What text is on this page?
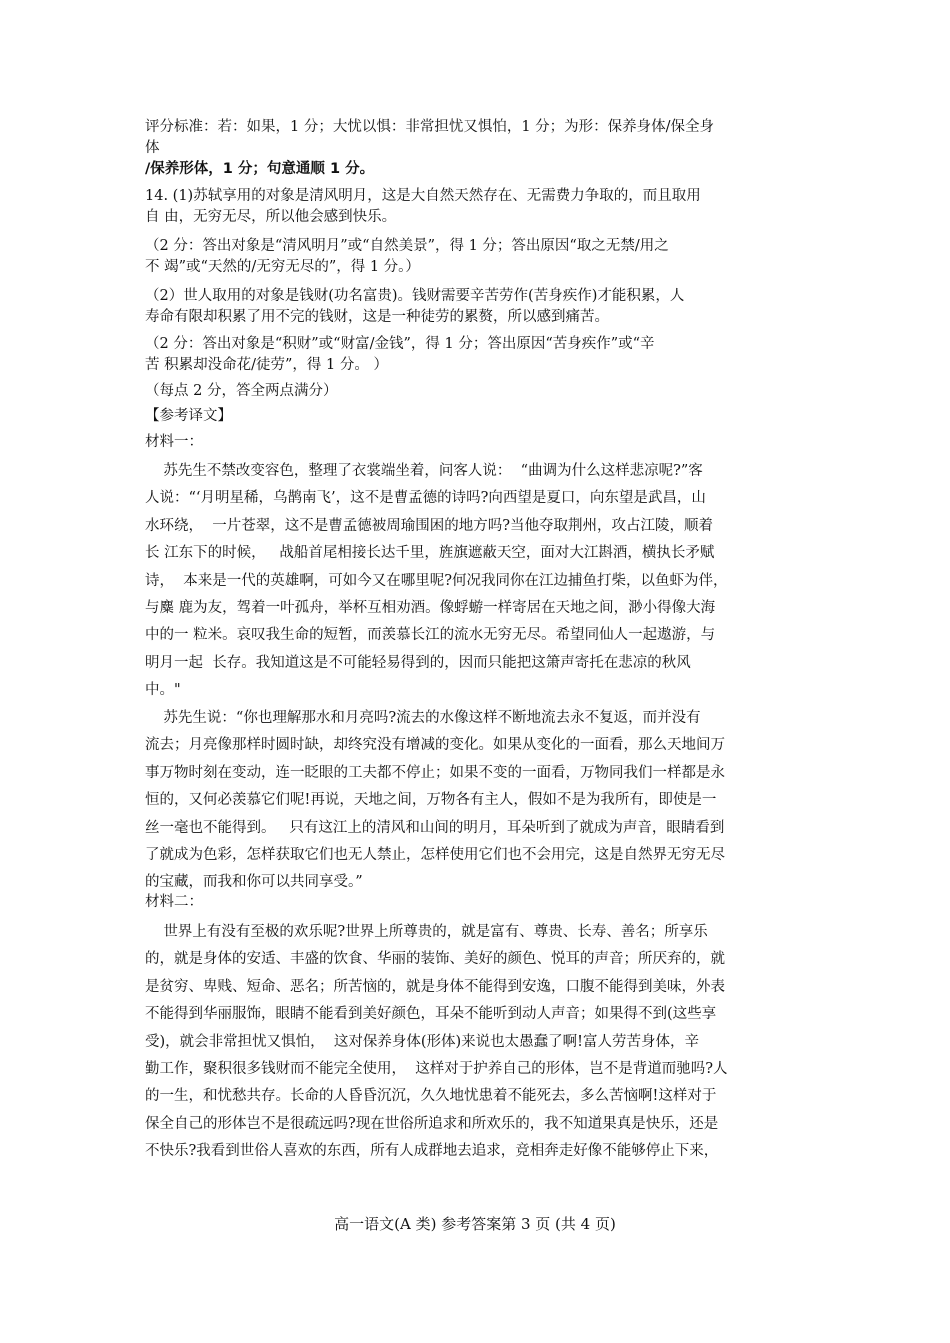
评分标准：若：如果，1 分；大忧以惧：非常担忧又惧怕，1 分；为形：保养身体/保全身
体
/保养形体，1 分；句意通顺 1 分。
14. (1)苏轼享用的对象是清风明月，这是大自然天然存在、无需费力争取的，而且取用
自 由，无穷无尽，所以他会感到快乐。
（2 分：答出对象是“清风明月”或“自然美景”，得 1 分；答出原因“取之无禁/用之
不 竭”或“天然的/无穷无尽的”，得 1 分。）
（2）世人取用的对象是钱财(功名富贵)。钱财需要辛苦劳作(苦身疾作)才能积累，人
寿命有限却积累了用不完的钱财，这是一种徒劳的累赘，所以感到痛苦。
（2 分：答出对象是“积财”或“财富/金钱”，得 1 分；答出原因“苦身疾作”或“辛
苦 积累却没命花/徒劳”，得 1 分。 ）
（每点 2 分，答全两点满分）
【参考译文】
材料一：
苏先生不禁改变容色，整理了衣裳端坐着，问客人说：  “曲调为什么这样悲凉呢?”客
人说：“‘月明星稀，乌鹊南飞’，这不是曹孟德的诗吗?向西望是夏口，向东望是武昌，山
水环绕，  一片苍翠，这不是曹孟德被周瑜围困的地方吗?当他夺取荆州，攻占江陵，顺着
长 江东下的时候，   战船首尾相接长达千里，旌旗遮蔽天空，面对大江斟酒，横执长矛赋
诗，  本来是一代的英雄啊，可如今又在哪里呢?何况我同你在江边捕鱼打柴，以鱼虾为伴，
与麋 鹿为友，驾着一叶孤舟，举杯互相劝酒。像蜉蝣一样寄居在天地之间，渺小得像大海
中的一 粒米。哀叹我生命的短暂，而羡慕长江的流水无穷无尽。希望同仙人一起遨游，与
明月一起  长存。我知道这是不可能轻易得到的，因而只能把这箫声寄托在悲凉的秋风
中。"
苏先生说：“你也理解那水和月亮吗?流去的水像这样不断地流去永不复返，而并没有
流去；月亮像那样时圆时缺，却终究没有增减的变化。如果从变化的一面看，那么天地间万
事万物时刻在变动，连一眨眼的工夫都不停止；如果不变的一面看，万物同我们一样都是永
恒的，又何必羡慕它们呢!再说，天地之间，万物各有主人，假如不是为我所有，即使是一
丝一毫也不能得到。   只有这江上的清风和山间的明月，耳朵听到了就成为声音，眼睛看到
了就成为色彩，怎样获取它们也无人禁止，怎样使用它们也不会用完，这是自然界无穷无尽
的宝藏，而我和你可以共同享受。”
材料二：
世界上有没有至极的欢乐呢?世界上所尊贵的，就是富有、尊贵、长寿、善名；所享乐
的，就是身体的安适、丰盛的饮食、华丽的装饰、美好的颜色、悦耳的声音；所厌弃的，就
是贫穷、卑贱、短命、恶名；所苦恼的，就是身体不能得到安逸，口腹不能得到美味，外表
不能得到华丽服饰，眼睛不能看到美好颜色，耳朵不能听到动人声音；如果得不到(这些享
受)，就会非常担忧又惧怕，  这对保养身体(形体)来说也太愚蠢了啊!富人劳苦身体，辛
勤工作，聚积很多钱财而不能完全使用，  这样对于护养自己的形体，岂不是背道而驰吗?人
的一生，和忧愁共存。长命的人昏昏沉沉，久久地忧患着不能死去，多么苦恼啊!这样对于
保全自己的形体岂不是很疏远吗?现在世俗所追求和所欢乐的，我不知道果真是快乐，还是
不快乐?我看到世俗人喜欢的东西，所有人成群地去追求，竞相奔走好像不能够停止下来，
高一语文(A 类) 参考答案第 3 页 (共 4 页)
